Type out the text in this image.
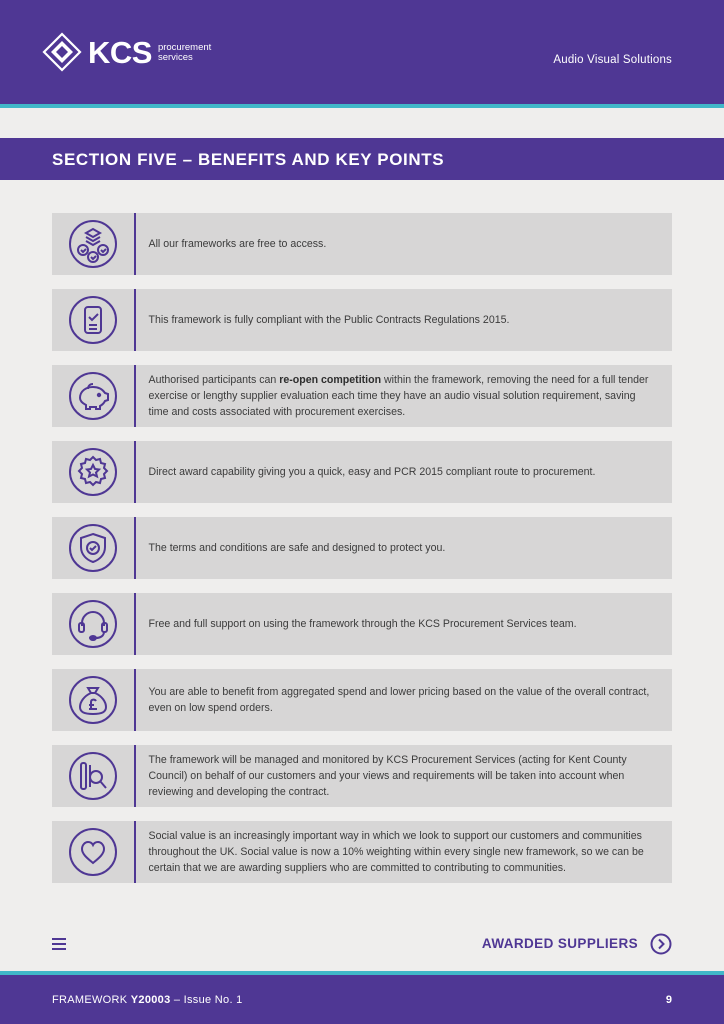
KCS procurement
services	Audio Visual Solutions
SECTION FIVE – BENEFITS AND KEY POINTS
All our frameworks are free to access.
This framework is fully compliant with the Public Contracts Regulations 2015.
Authorised participants can re-open competition within the framework, removing the need for a full tender exercise or lengthy supplier evaluation each time they have an audio visual solution requirement, saving time and costs associated with procurement exercises.
Direct award capability giving you a quick, easy and PCR 2015 compliant route to procurement.
The terms and conditions are safe and designed to protect you.
Free and full support on using the framework through the KCS Procurement Services team.
You are able to benefit from aggregated spend and lower pricing based on the value of the overall contract, even on low spend orders.
The framework will be managed and monitored by KCS Procurement Services (acting for Kent County Council) on behalf of our customers and your views and requirements will be taken into account when reviewing and developing the contract.
Social value is an increasingly important way in which we look to support our customers and communities throughout the UK. Social value is now a 10% weighting within every single new framework, so we can be certain that we are awarding suppliers who are committed to contributing to communities.
AWARDED SUPPLIERS
FRAMEWORK Y20003 – Issue No. 1	9
